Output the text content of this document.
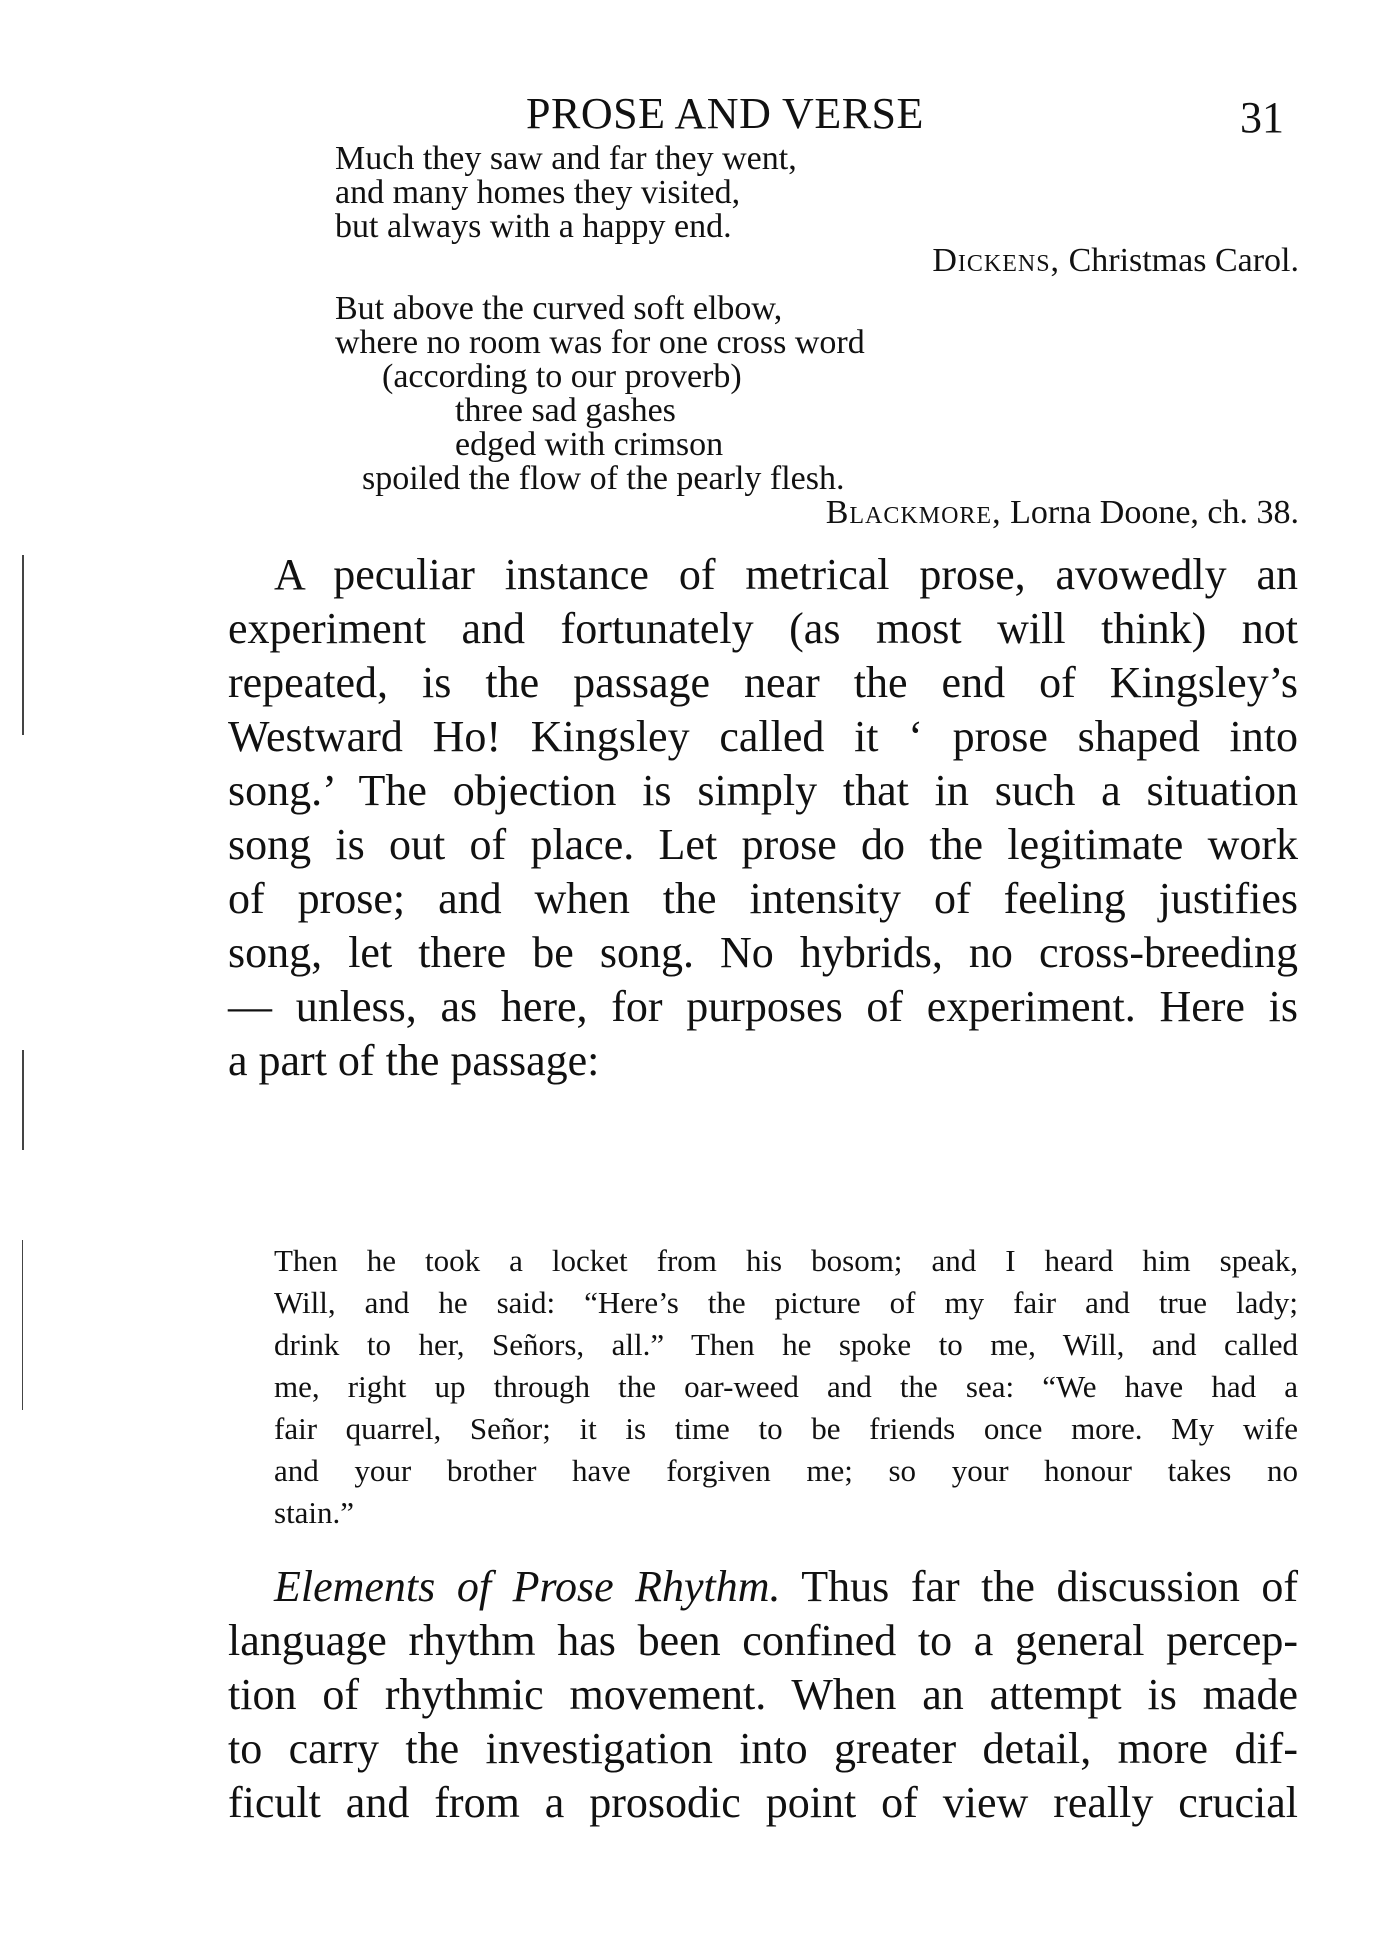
PROSE AND VERSE	31
Much they saw and far they went,
and many homes they visited,
but always with a happy end.
Dickens, Christmas Carol.
But above the curved soft elbow,
where no room was for one cross word
(according to our proverb)
three sad gashes
edged with crimson
spoiled the flow of the pearly flesh.
Blackmore, Lorna Doone, ch. 38.
A peculiar instance of metrical prose, avowedly an
experiment and fortunately (as most will think) not
repeated, is the passage near the end of Kingsley’s
Westward Ho! Kingsley called it ‘ prose shaped into
song.’ The objection is simply that in such a situation
song is out of place. Let prose do the legitimate work
of prose; and when the intensity of feeling justifies
song, let there be song. No hybrids, no cross-breeding
— unless, as here, for purposes of experiment. Here is
a part of the passage:
Then he took a locket from his bosom; and I heard him speak,
Will, and he said: “Here’s the picture of my fair and true lady;
drink to her, Señors, all.” Then he spoke to me, Will, and called
me, right up through the oar-weed and the sea: “We have had a
fair quarrel, Señor; it is time to be friends once more. My wife
and your brother have forgiven me; so your honour takes no
stain.”
Elements of Prose Rhythm. Thus far the discussion of
language rhythm has been confined to a general percep-
tion of rhythmic movement. When an attempt is made
to carry the investigation into greater detail, more dif-
ficult and from a prosodic point of view really crucial
